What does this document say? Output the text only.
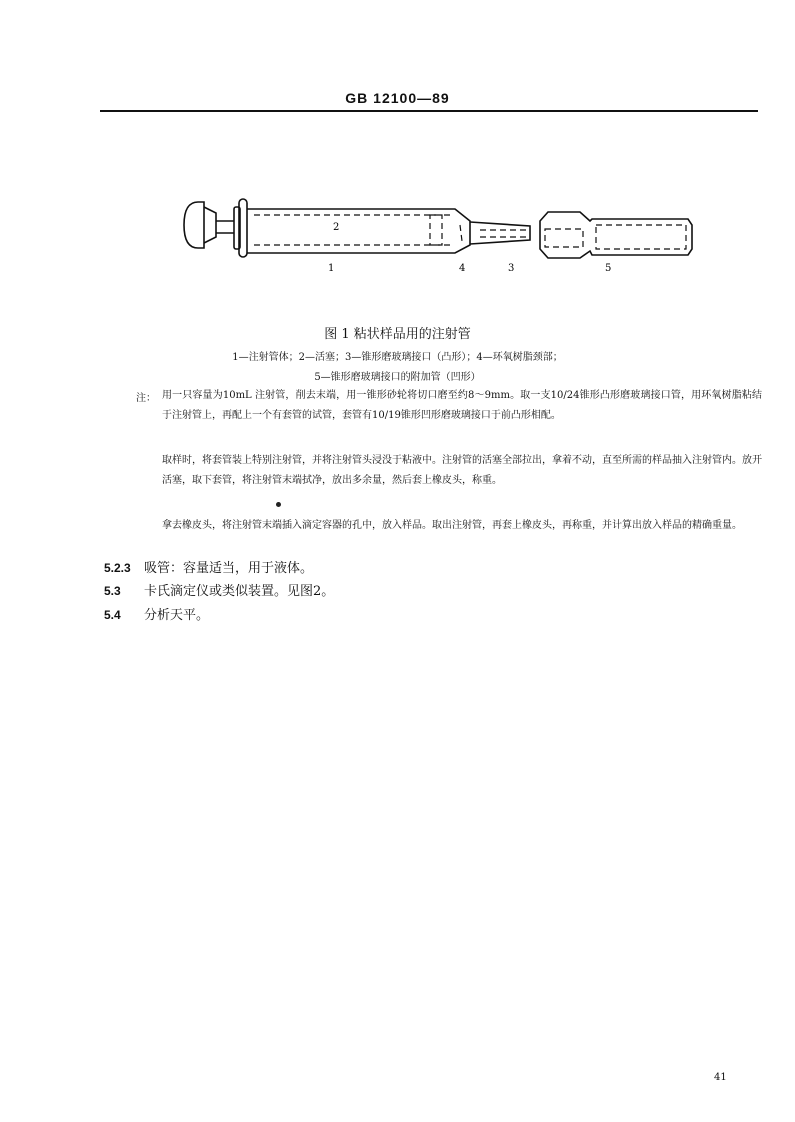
GB 12100—89
2
1	4	3	5
图 1 粘状样品用的注射管
1—注射管体；2—活塞；3—锥形磨玻璃接口（凸形）；4—环氧树脂颈部；
5—锥形磨玻璃接口的附加管（凹形）
注： 用一只容量为10mL 注射管，削去末端，用一锥形砂轮将切口磨至约8～9mm。取一支10/24锥形凸形磨玻璃接口管，用环氧树脂粘结于注射管上，再配上一个有套管的试管，套管有10/19锥形凹形磨玻璃接口于前凸形相配。
取样时，将套管装上特别注射管，并将注射管头浸没于粘液中。注射管的活塞全部拉出，拿着不动，直至所需的样品抽入注射管内。放开活塞，取下套管，将注射管末端拭净，放出多余量，然后套上橡皮头，称重。
拿去橡皮头，将注射管末端插入滴定容器的孔中，放入样品。取出注射管，再套上橡皮头，再称重，并计算出放入样品的精确重量。
5.2.3 吸管：容量适当，用于液体。
5.3 卡氏滴定仪或类似装置。见图2。
5.4 分析天平。
41
